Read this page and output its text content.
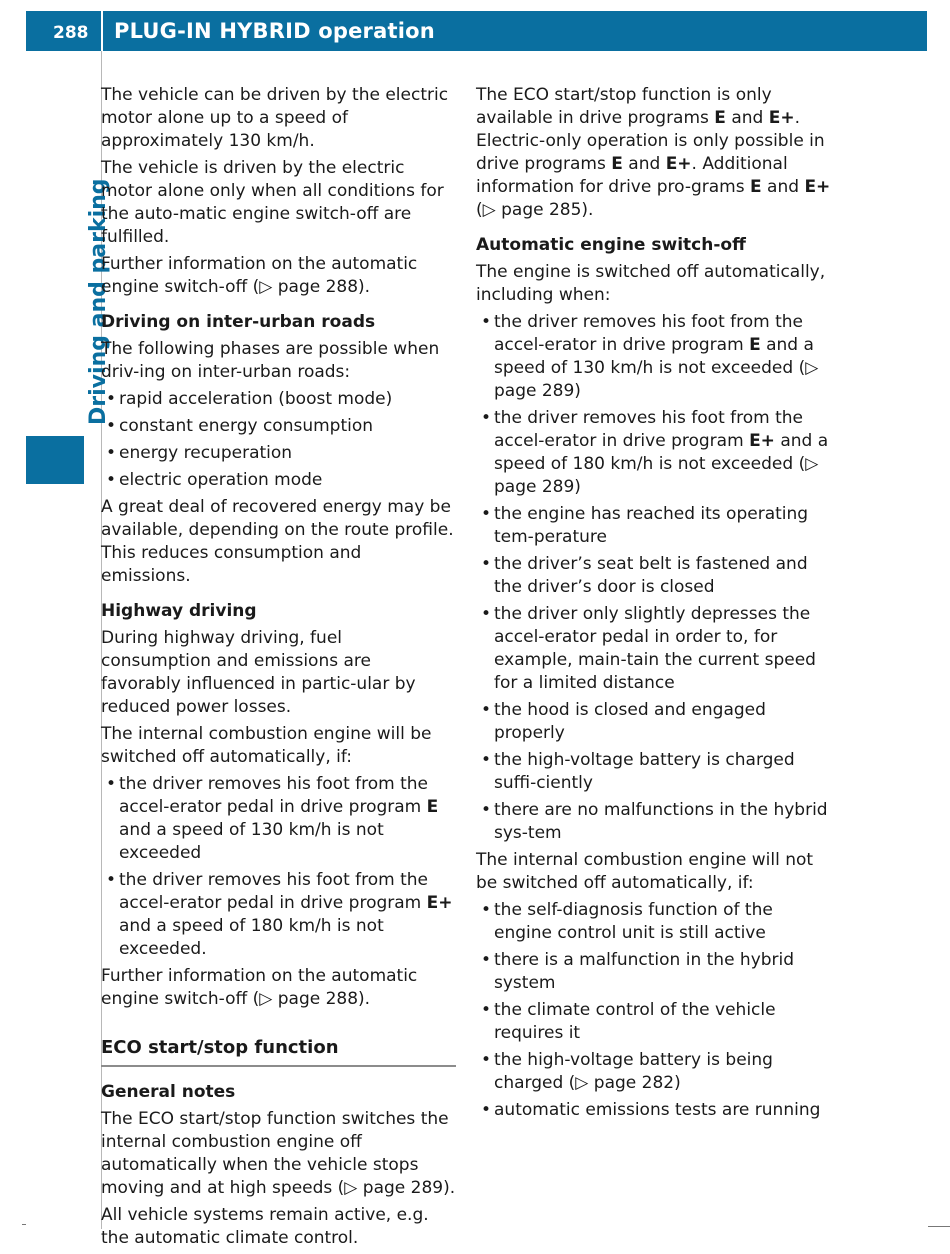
288 PLUG-IN HYBRID operation
Driving and parking

The vehicle can be driven by the electric motor alone up to a speed of approximately 130 km/h.

The vehicle is driven by the electric motor alone only when all conditions for the auto-matic engine switch-off are fulfilled.

Further information on the automatic engine switch-off (▷ page 288).

Driving on inter-urban roads

The following phases are possible when driv-ing on inter-urban roads:

• rapid acceleration (boost mode)
• constant energy consumption
• energy recuperation
• electric operation mode

A great deal of recovered energy may be available, depending on the route profile. This reduces consumption and emissions.

Highway driving

During highway driving, fuel consumption and emissions are favorably influenced in partic-ular by reduced power losses.

The internal combustion engine will be switched off automatically, if:

• the driver removes his foot from the accel-erator pedal in drive program E and a speed of 130 km/h is not exceeded
• the driver removes his foot from the accel-erator pedal in drive program E+ and a speed of 180 km/h is not exceeded.

Further information on the automatic engine switch-off (▷ page 288).

ECO start/stop function
General notes

The ECO start/stop function switches the internal combustion engine off automatically when the vehicle stops moving and at high speeds (▷ page 289).

All vehicle systems remain active, e.g. the automatic climate control.

The ECO start/stop function is only available in drive programs E and E+. Electric-only operation is only possible in drive programs E and E+. Additional information for drive pro-grams E and E+ (▷ page 285).

Automatic engine switch-off

The engine is switched off automatically, including when:

• the driver removes his foot from the accel-erator in drive program E and a speed of 130 km/h is not exceeded (▷ page 289)
• the driver removes his foot from the accel-erator in drive program E+ and a speed of 180 km/h is not exceeded (▷ page 289)
• the engine has reached its operating tem-perature
• the driver’s seat belt is fastened and the driver’s door is closed
• the driver only slightly depresses the accel-erator pedal in order to, for example, main-tain the current speed for a limited distance
• the hood is closed and engaged properly
• the high-voltage battery is charged suffi-ciently
• there are no malfunctions in the hybrid sys-tem

The internal combustion engine will not be switched off automatically, if:

• the self-diagnosis function of the engine control unit is still active
• there is a malfunction in the hybrid system
• the climate control of the vehicle requires it
• the high-voltage battery is being charged (▷ page 282)
• automatic emissions tests are running
